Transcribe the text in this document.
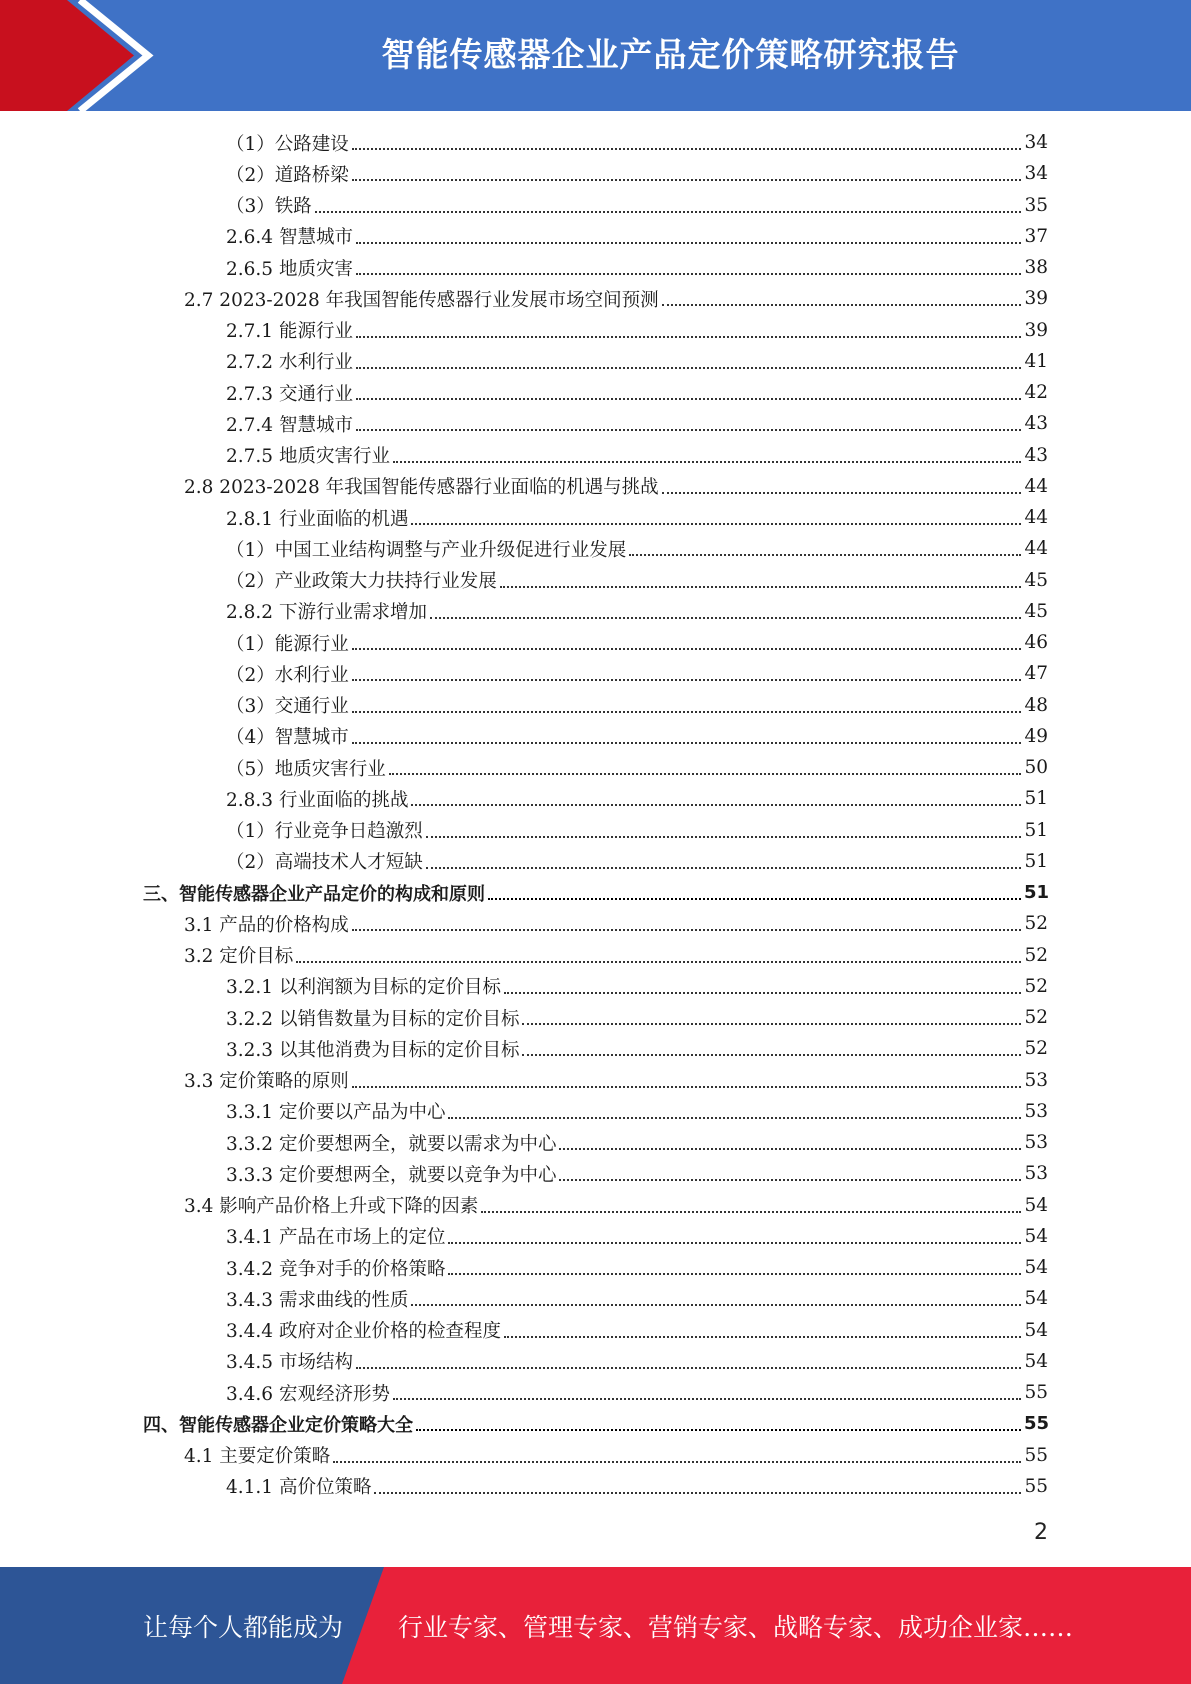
智能传感器企业产品定价策略研究报告
（1）公路建设	34
（2）道路桥梁	34
（3）铁路	35
2.6.4 智慧城市	37
2.6.5 地质灾害	38
2.7 2023-2028 年我国智能传感器行业发展市场空间预测	39
2.7.1 能源行业	39
2.7.2 水利行业	41
2.7.3 交通行业	42
2.7.4 智慧城市	43
2.7.5 地质灾害行业	43
2.8 2023-2028 年我国智能传感器行业面临的机遇与挑战	44
2.8.1 行业面临的机遇	44
（1）中国工业结构调整与产业升级促进行业发展	44
（2）产业政策大力扶持行业发展	45
2.8.2 下游行业需求增加	45
（1）能源行业	46
（2）水利行业	47
（3）交通行业	48
（4）智慧城市	49
（5）地质灾害行业	50
2.8.3 行业面临的挑战	51
（1）行业竞争日趋激烈	51
（2）高端技术人才短缺	51
三、智能传感器企业产品定价的构成和原则	51
3.1 产品的价格构成	52
3.2 定价目标	52
3.2.1 以利润额为目标的定价目标	52
3.2.2 以销售数量为目标的定价目标	52
3.2.3 以其他消费为目标的定价目标	52
3.3 定价策略的原则	53
3.3.1 定价要以产品为中心	53
3.3.2 定价要想两全，就要以需求为中心	53
3.3.3 定价要想两全，就要以竞争为中心	53
3.4 影响产品价格上升或下降的因素	54
3.4.1 产品在市场上的定位	54
3.4.2 竞争对手的价格策略	54
3.4.3 需求曲线的性质	54
3.4.4 政府对企业价格的检查程度	54
3.4.5 市场结构	54
3.4.6 宏观经济形势	55
四、智能传感器企业定价策略大全	55
4.1 主要定价策略	55
4.1.1 高价位策略	55
2
让每个人都能成为 行业专家、管理专家、营销专家、战略专家、成功企业家……
